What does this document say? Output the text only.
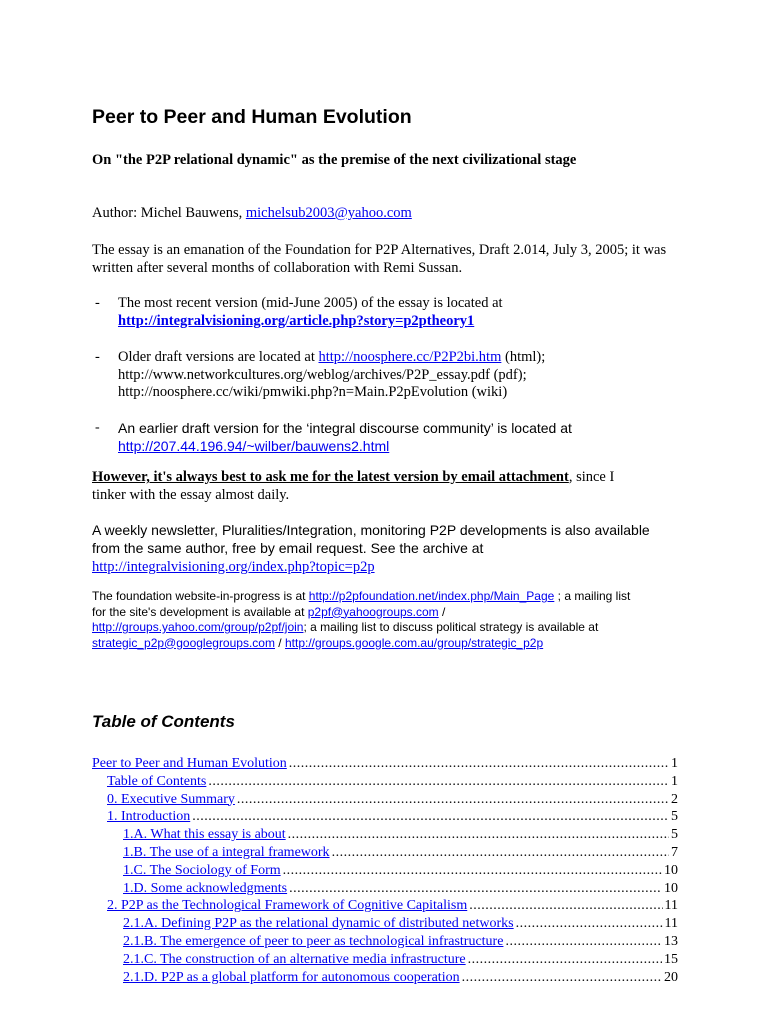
Peer to Peer and Human Evolution

On "the P2P relational dynamic" as the premise of the next civilizational stage

Author: Michel Bauwens, michelsub2003@yahoo.com

The essay is an emanation of the Foundation for P2P Alternatives, Draft 2.014, July 3, 2005; it was written after several months of collaboration with Remi Sussan.

- The most recent version (mid-June 2005) of the essay is located at
http://integralvisioning.org/article.php?story=p2ptheory1
- Older draft versions are located at http://noosphere.cc/P2P2bi.htm (html);
http://www.networkcultures.org/weblog/archives/P2P_essay.pdf (pdf);
http://noosphere.cc/wiki/pmwiki.php?n=Main.P2pEvolution (wiki)
- An earlier draft version for the ‘integral discourse community’ is located at
http://207.44.196.94/~wilber/bauwens2.html

However, it's always best to ask me for the latest version by email attachment, since I
tinker with the essay almost daily.

A weekly newsletter, Pluralities/Integration, monitoring P2P developments is also available
from the same author, free by email request. See the archive at
http://integralvisioning.org/index.php?topic=p2p

The foundation website-in-progress is at http://p2pfoundation.net/index.php/Main_Page ; a mailing list
for the site's development is available at p2pf@yahoogroups.com /
http://groups.yahoo.com/group/p2pf/join; a mailing list to discuss political strategy is available at
strategic_p2p@googlegroups.com / http://groups.google.com.au/group/strategic_p2p

Table of Contents
Peer to Peer and Human Evolution .....	1
Table of Contents .....	1
0. Executive Summary .....	2
1. Introduction .....	5
1.A. What this essay is about .....	5
1.B. The use of a integral framework .....	7
1.C. The Sociology of Form .....	10
1.D. Some acknowledgments .....	10
2. P2P as the Technological Framework of Cognitive Capitalism .....	11
2.1.A. Defining P2P as the relational dynamic of distributed networks .....	11
2.1.B. The emergence of peer to peer as technological infrastructure .....	13
2.1.C. The construction of an alternative media infrastructure .....	15
2.1.D. P2P as a global platform for autonomous cooperation .....	20
